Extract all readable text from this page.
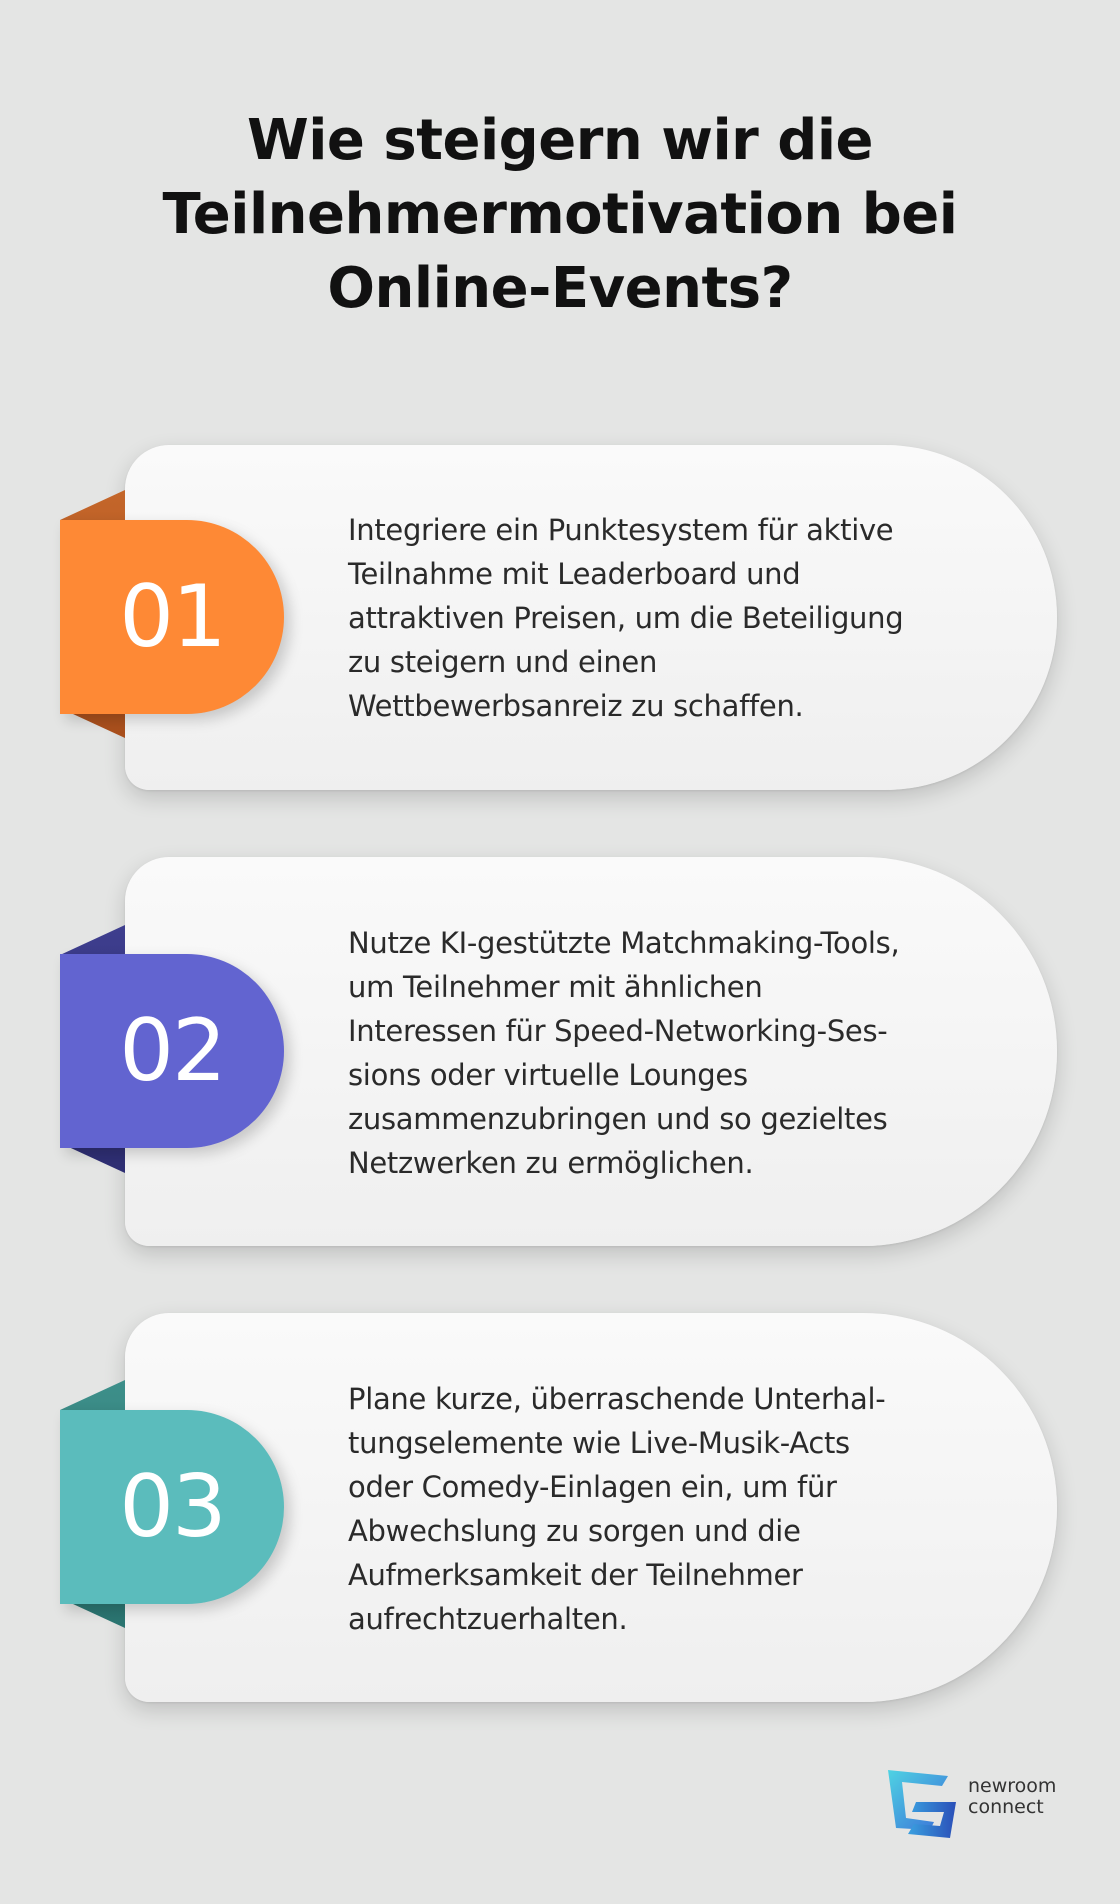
Wie steigern wir die
Teilnehmermotivation bei
Online-Events?
01

Integriere ein Punktesystem für aktive
Teilnahme mit Leaderboard und
attraktiven Preisen, um die Beteiligung
zu steigern und einen
Wettbewerbsanreiz zu schaffen.

02

Nutze KI-gestützte Matchmaking-Tools,
um Teilnehmer mit ähnlichen
Interessen für Speed-Networking-Ses-
sions oder virtuelle Lounges
zusammenzubringen und so gezieltes
Netzwerken zu ermöglichen.

03

Plane kurze, überraschende Unterhal-
tungselemente wie Live-Musik-Acts
oder Comedy-Einlagen ein, um für
Abwechslung zu sorgen und die
Aufmerksamkeit der Teilnehmer
aufrechtzuerhalten.

newroom
connect
